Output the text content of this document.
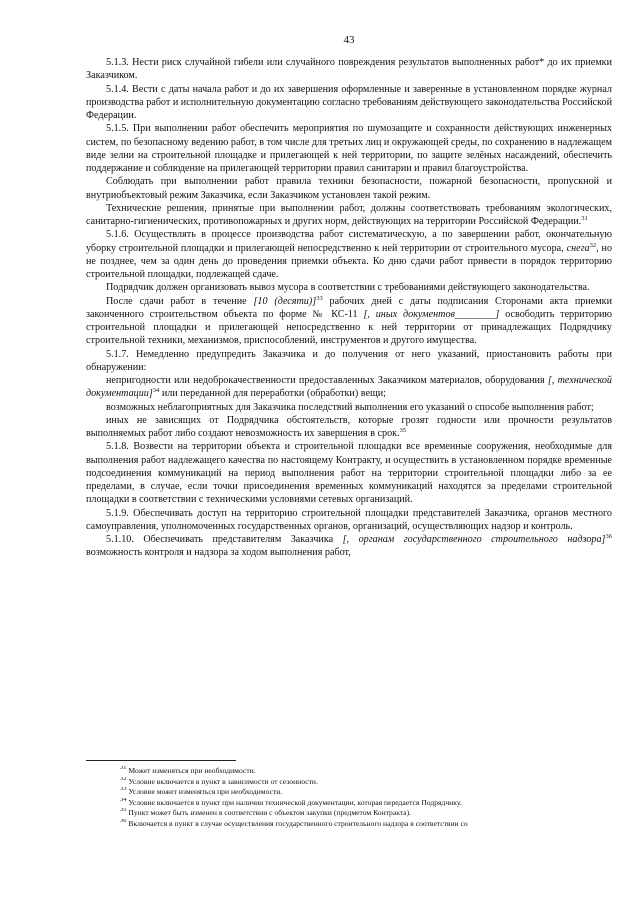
43

5.1.3. Нести риск случайной гибели или случайного повреждения результатов выполненных работ* до их приемки Заказчиком.

5.1.4. Вести с даты начала работ и до их завершения оформленные и заверенные в установленном порядке журнал производства работ и исполнительную документацию согласно требованиям действующего законодательства Российской Федерации.

5.1.5. При выполнении работ обеспечить мероприятия по шумозащите и сохранности действующих инженерных систем, по безопасному ведению работ, в том числе для третьих лиц и окружающей среды, по сохранению в надлежащем виде зелни на строительной площадке и прилегающей к ней территории, по защите зелёных насаждений, обеспечить поддержание и соблюдение на прилегающей территории правил санитарии и правил благоустройства.

Соблюдать при выполнении работ правила техники безопасности, пожарной безопасности, пропускной и внутриобъектовый режим Заказчика, если Заказчиком установлен такой режим.

Технические решения, принятые при выполнении работ, должны соответствовать требованиям экологических, санитарно-гигиенических, противопожарных и других норм, действующих на территории Российской Федерации.$^{31}$

5.1.6. Осуществлять в процессе производства работ систематическую, а по завершении работ, окончательную уборку строительной площадки и прилегающей непосредственно к ней территории от строительного мусора, снега$^{32}$, но не позднее, чем за один день до проведения приемки объекта. Ко дню сдачи работ привести в порядок территорию строительной площадки, подлежащей сдаче.

Подрядчик должен организовать вывоз мусора в соответствии с требованиями действующего законодательства.

После сдачи работ в течение [10 (десяти)]$^{33}$ рабочих дней с даты подписания Сторонами акта приемки законченного строительством объекта по форме № КС-11 [, иных документов________] освободить территорию строительной площадки и прилегающей непосредственно к ней территории от принадлежащих Подрядчику строительной техники, механизмов, приспособлений, инструментов и другого имущества.

5.1.7. Немедленно предупредить Заказчика и до получения от него указаний, приостановить работы при обнаружении:

непригодности или недоброкачественности предоставленных Заказчиком материалов, оборудования [, технической документации]$^{34}$ или переданной для переработки (обработки) вещи;

возможных неблагоприятных для Заказчика последствий выполнения его указаний о способе выполнения работ;

иных не зависящих от Подрядчика обстоятельств, которые грозят годности или прочности результатов выполняемых работ либо создают невозможность их завершения в срок.$^{35}$

5.1.8. Возвести на территории объекта и строительной площадки все временные сооружения, необходимые для выполнения работ надлежащего качества по настоящему Контракту, и осуществить в установленном порядке временные подсоединения коммуникаций на период выполнения работ на территории строительной площадки либо за ее пределами, в случае, если точки присоединения временных коммуникаций находятся за пределами строительной площадки в соответствии с техническими условиями сетевых организаций.

5.1.9. Обеспечивать доступ на территорию строительной площадки представителей Заказчика, органов местного самоуправления, уполномоченных государственных органов, организаций, осуществляющих надзор и контроль.

5.1.10. Обеспечивать представителям Заказчика [, органам государственного строительного надзора]$^{36}$ возможность контроля и надзора за ходом выполнения работ,

$^{31}$ Может изменяться при необходимости.

$^{32}$ Условие включается в пункт в зависимости от сезонности.

$^{33}$ Условие может изменяться при необходимости.

$^{34}$ Условие включается в пункт при наличии технической документации, которая передается Подрядчику.

$^{35}$ Пункт может быть изменен в соответствии с объектом закупки (предметом Контракта).

$^{36}$ Включается в пункт в случае осуществления государственного строительного надзора в соответствии со
